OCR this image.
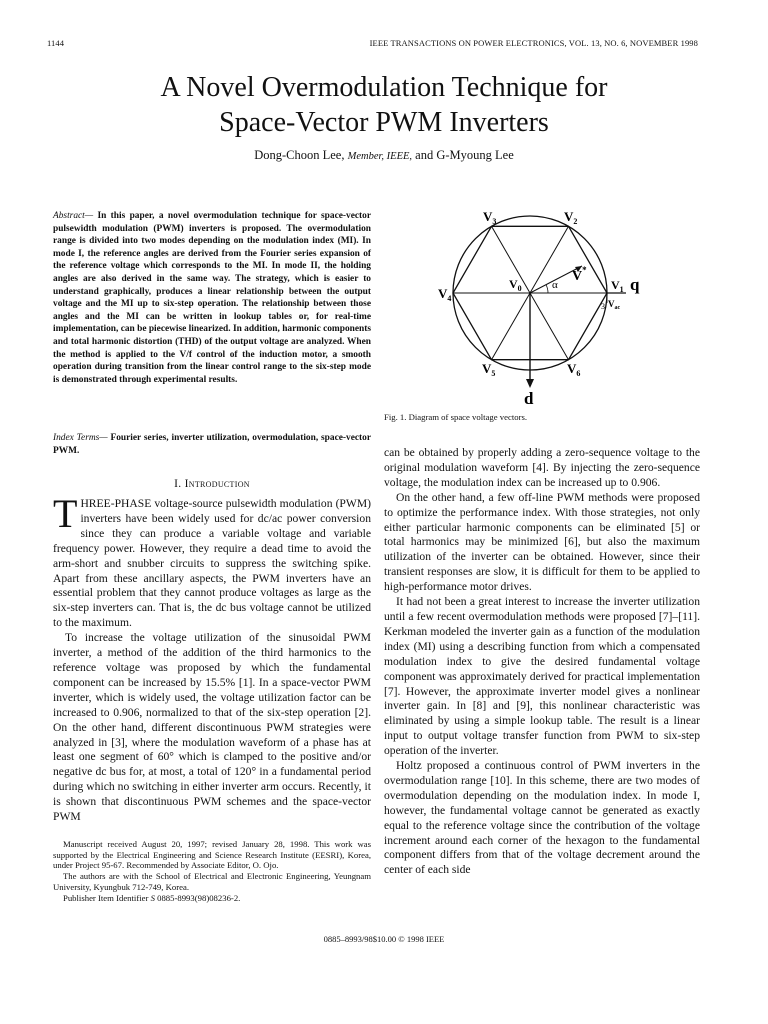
1144	IEEE TRANSACTIONS ON POWER ELECTRONICS, VOL. 13, NO. 6, NOVEMBER 1998
A Novel Overmodulation Technique for
Space-Vector PWM Inverters
Dong-Choon Lee, Member, IEEE, and G-Myoung Lee
Abstract— In this paper, a novel overmodulation technique for space-vector pulsewidth modulation (PWM) inverters is proposed. The overmodulation range is divided into two modes depending on the modulation index (MI). In mode I, the reference angles are derived from the Fourier series expansion of the reference voltage which corresponds to the MI. In mode II, the holding angles are also derived in the same way. The strategy, which is easier to understand graphically, produces a linear relationship between the output voltage and the MI up to six-step operation. The relationship between those angles and the MI can be written in lookup tables or, for real-time implementation, can be piecewise linearized. In addition, harmonic components and total harmonic distortion (THD) of the output voltage are analyzed. When the method is applied to the V/f control of the induction motor, a smooth operation during transition from the linear control range to the six-step mode is demonstrated through experimental results.
Index Terms— Fourier series, inverter utilization, overmodulation, space-vector PWM.
I. Introduction

THREE-PHASE voltage-source pulsewidth modulation (PWM) inverters have been widely used for dc/ac power conversion since they can produce a variable voltage and variable frequency power. However, they require a dead time to avoid the arm-short and snubber circuits to suppress the switching spike. Apart from these ancillary aspects, the PWM inverters have an essential problem that they cannot produce voltages as large as the six-step inverters can. That is, the dc bus voltage cannot be utilized to the maximum.

To increase the voltage utilization of the sinusoidal PWM inverter, a method of the addition of the third harmonics to the reference voltage was proposed by which the fundamental component can be increased by 15.5% [1]. In a space-vector PWM inverter, which is widely used, the voltage utilization factor can be increased to 0.906, normalized to that of the six-step operation [2]. On the other hand, different discontinuous PWM strategies were analyzed in [3], where the modulation waveform of a phase has at least one segment of 60° which is clamped to the positive and/or negative dc bus for, at most, a total of 120° in a fundamental period during which no switching in either inverter arm occurs. Recently, it is shown that discontinuous PWM schemes and the space-vector PWM

Manuscript received August 20, 1997; revised January 28, 1998. This work was supported by the Electrical Engineering and Science Research Institute (EESRI), Korea, under Project 95-67. Recommended by Associate Editor, O. Ojo.

The authors are with the School of Electrical and Electronic Engineering, Yeungnam University, Kyungbuk 712-749, Korea.

Publisher Item Identifier S 0885-8993(98)08236-2.

$V_3$	$V_2$
$V_4$
$V_0$	$V_1$ q
V*
α
3 $V_{ac}$
$V_5$	$V_6$
d
Fig. 1. Diagram of space voltage vectors.

can be obtained by properly adding a zero-sequence voltage to the original modulation waveform [4]. By injecting the zero-sequence voltage, the modulation index can be increased up to 0.906.

On the other hand, a few off-line PWM methods were proposed to optimize the performance index. With those strategies, not only either particular harmonic components can be eliminated [5] or total harmonics may be minimized [6], but also the maximum utilization of the inverter can be obtained. However, since their transient responses are slow, it is difficult for them to be applied to high-performance motor drives.

It had not been a great interest to increase the inverter utilization until a few recent overmodulation methods were proposed [7]–[11]. Kerkman modeled the inverter gain as a function of the modulation index (MI) using a describing function from which a compensated modulation index to give the desired fundamental voltage component was approximately derived for practical implementation [7]. However, the approximate inverter model gives a nonlinear inverter gain. In [8] and [9], this nonlinear characteristic was eliminated by using a simple lookup table. The result is a linear input to output voltage transfer function from PWM to six-step operation of the inverter.

Holtz proposed a continuous control of PWM inverters in the overmodulation range [10]. In this scheme, there are two modes of overmodulation depending on the modulation index. In mode I, however, the fundamental voltage cannot be generated as exactly equal to the reference voltage since the contribution of the voltage increment around each corner of the hexagon to the fundamental component differs from that of the voltage decrement around the center of each side

0885–8993/98$10.00 © 1998 IEEE
